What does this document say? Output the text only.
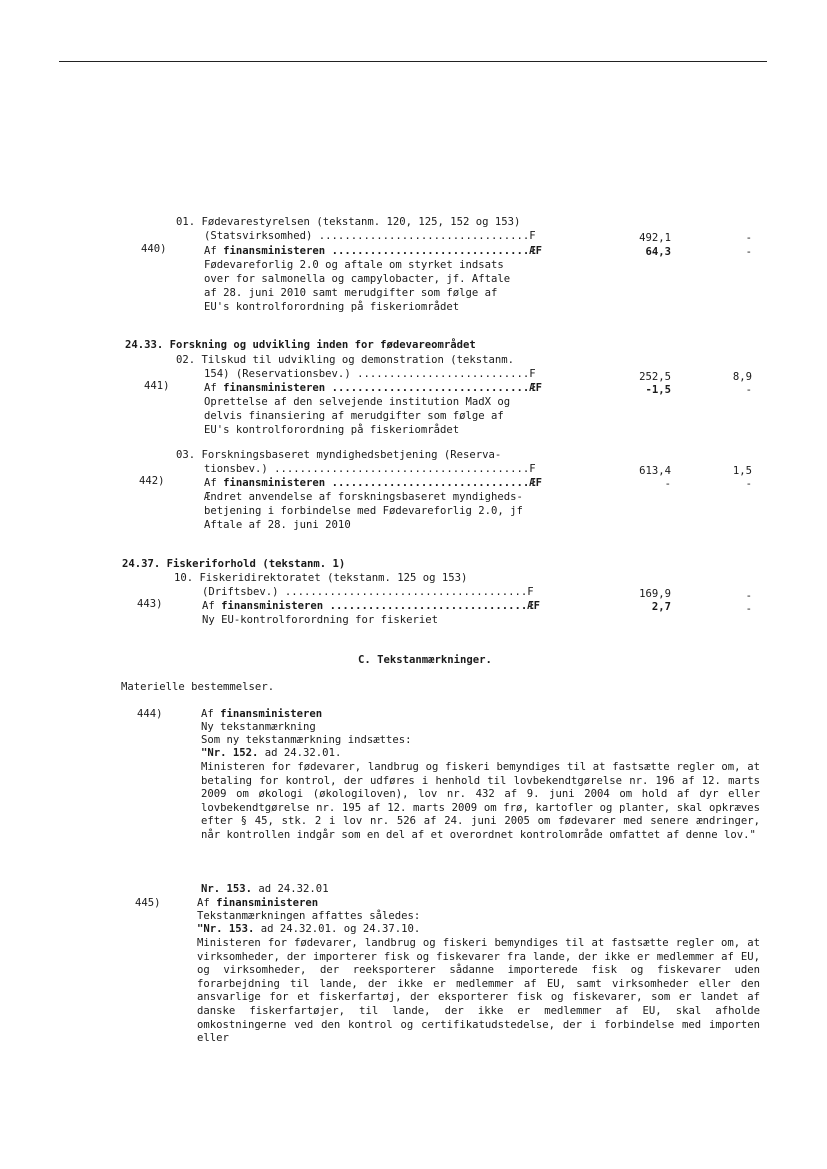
01. Fødevarestyrelsen (tekstanm. 120, 125, 152 og 153)
(Statsvirksomhed) .................................F	492,1	-
440)	Af finansministeren ...............................ÆF	64,3	-
Fødevareforlig 2.0 og aftale om styrket indsats
over for salmonella og campylobacter, jf. Aftale
af 28. juni 2010 samt merudgifter som følge af
EU's kontrolforordning på fiskeriområdet
24.33. Forskning og udvikling inden for fødevareområdet
02. Tilskud til udvikling og demonstration (tekstanm.
154) (Reservationsbev.) ...........................F	252,5	8,9
441)	Af finansministeren ...............................ÆF	-1,5	-
Oprettelse af den selvejende institution MadX og
delvis finansiering af merudgifter som følge af
EU's kontrolforordning på fiskeriområdet
03. Forskningsbaseret myndighedsbetjening (Reserva-
tionsbev.) ........................................F	613,4	1,5
442)	Af finansministeren ...............................ÆF	-	-
Ændret anvendelse af forskningsbaseret myndigheds-
betjening i forbindelse med Fødevareforlig 2.0, jf
Aftale af 28. juni 2010
24.37. Fiskeriforhold (tekstanm. 1)
10. Fiskeridirektoratet (tekstanm. 125 og 153)
(Driftsbev.) ......................................F	169,9	-
443)	Af finansministeren ...............................ÆF	2,7	-
Ny EU-kontrolforordning for fiskeriet
C. Tekstanmærkninger.
Materielle bestemmelser.
444)	Af finansministeren
Ny tekstanmærkning
Som ny tekstanmærkning indsættes:
"Nr. 152. ad 24.32.01.
Ministeren for fødevarer, landbrug og fiskeri bemyndiges til at fastsætte regler om, at betaling for kontrol, der udføres i henhold til lovbekendtgørelse nr. 196 af 12. marts 2009 om økologi (økologiloven), lov nr. 432 af 9. juni 2004 om hold af dyr eller lovbekendtgørelse nr. 195 af 12. marts 2009 om frø, kartofler og planter, skal opkræves efter § 45, stk. 2 i lov nr. 526 af 24. juni 2005 om fødevarer med senere ændringer, når kontrollen indgår som en del af et overordnet kontrolområde omfattet af denne lov."
Nr. 153. ad 24.32.01
445)	Af finansministeren
Tekstanmærkningen affattes således:
"Nr. 153. ad 24.32.01. og 24.37.10.
Ministeren for fødevarer, landbrug og fiskeri bemyndiges til at fastsætte regler om, at virksomheder, der importerer fisk og fiskevarer fra lande, der ikke er medlemmer af EU, og virksomheder, der reeksporterer sådanne importerede fisk og fiskevarer uden forarbejdning til lande, der ikke er medlemmer af EU, samt virksomheder eller den ansvarlige for et fiskerfartøj, der eksporterer fisk og fiskevarer, som er landet af danske fiskerfartøjer, til lande, der ikke er medlemmer af EU, skal afholde omkostningerne ved den kontrol og certifikatudstedelse, der i forbindelse med importen eller
